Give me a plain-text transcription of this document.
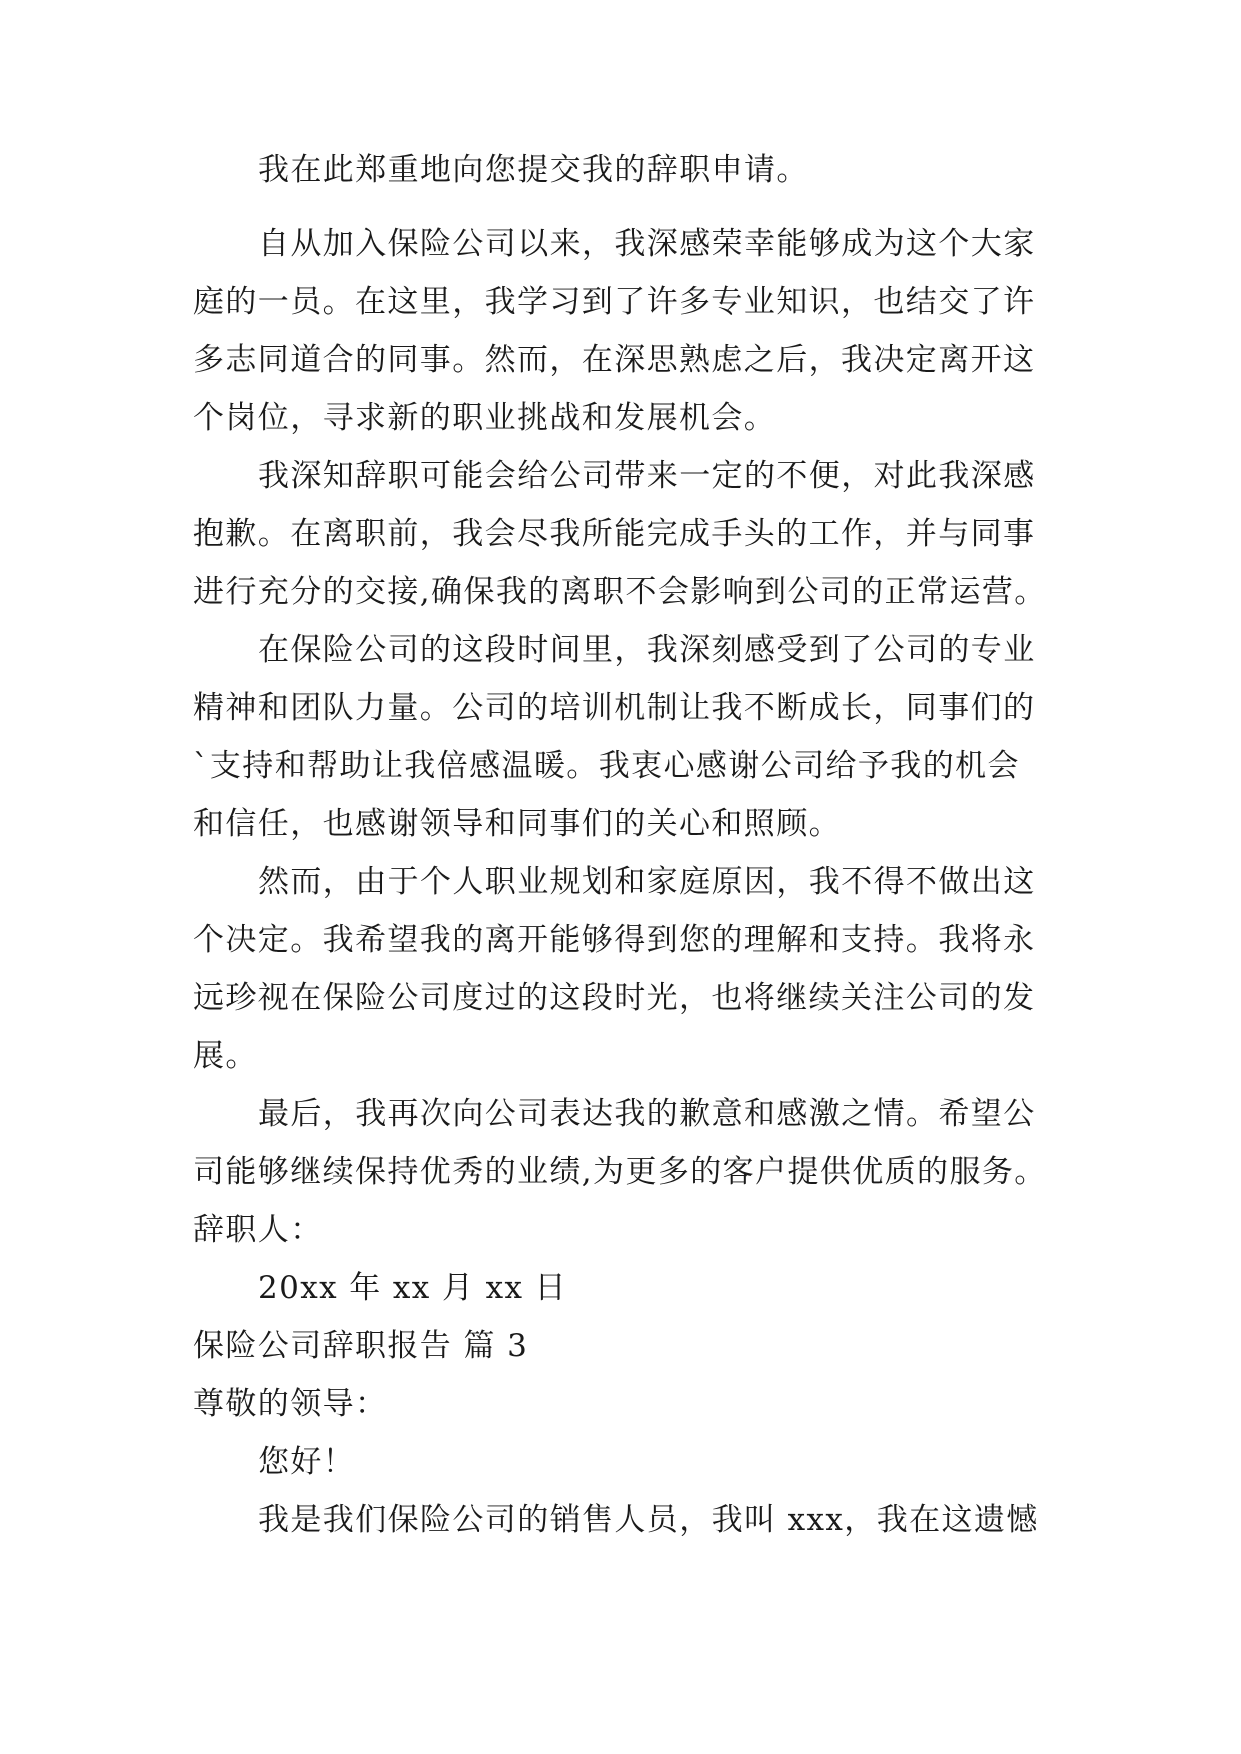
我在此郑重地向您提交我的辞职申请。
自从加入保险公司以来，我深感荣幸能够成为这个大家
庭的一员。在这里，我学习到了许多专业知识，也结交了许
多志同道合的同事。然而，在深思熟虑之后，我决定离开这
个岗位，寻求新的职业挑战和发展机会。
我深知辞职可能会给公司带来一定的不便，对此我深感
抱歉。在离职前，我会尽我所能完成手头的工作，并与同事
进行充分的交接,确保我的离职不会影响到公司的正常运营。
在保险公司的这段时间里，我深刻感受到了公司的专业
精神和团队力量。公司的培训机制让我不断成长，同事们的
`支持和帮助让我倍感温暖。我衷心感谢公司给予我的机会
和信任，也感谢领导和同事们的关心和照顾。
然而，由于个人职业规划和家庭原因，我不得不做出这
个决定。我希望我的离开能够得到您的理解和支持。我将永
远珍视在保险公司度过的这段时光，也将继续关注公司的发
展。
最后，我再次向公司表达我的歉意和感激之情。希望公
司能够继续保持优秀的业绩,为更多的客户提供优质的服务。
辞职人：
20xx 年 xx 月 xx 日
保险公司辞职报告 篇 3
尊敬的领导：
您好！
我是我们保险公司的销售人员，我叫 xxx，我在这遗憾
